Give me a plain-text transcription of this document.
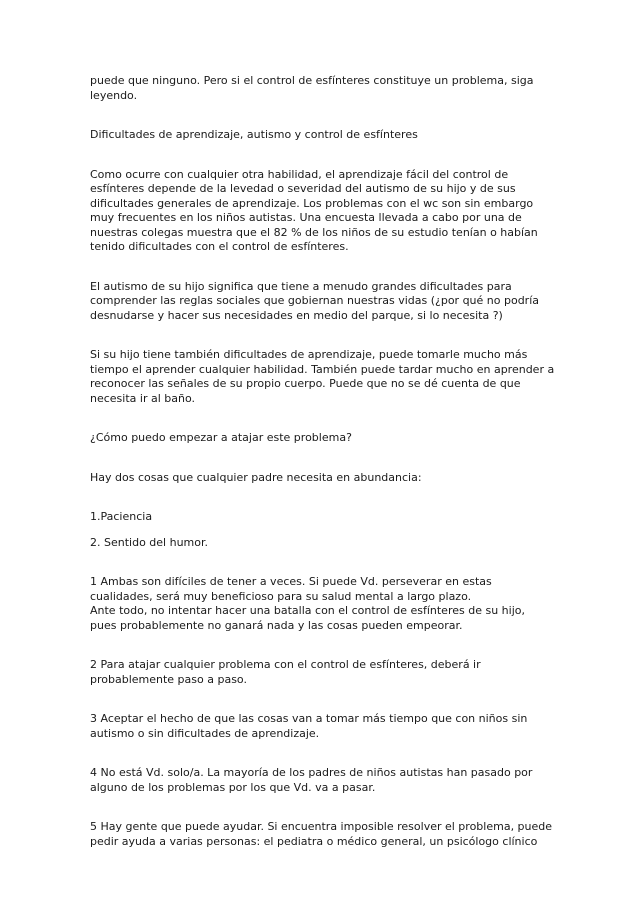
puede que ninguno. Pero si el control de esfínteres constituye un problema, siga
leyendo.

Dificultades de aprendizaje, autismo y control de esfínteres

Como ocurre con cualquier otra habilidad, el aprendizaje fácil del control de
esfínteres depende de la levedad o severidad del autismo de su hijo y de sus
dificultades generales de aprendizaje. Los problemas con el wc son sin embargo
muy frecuentes en los niños autistas. Una encuesta llevada a cabo por una de
nuestras colegas muestra que el 82 % de los niños de su estudio tenían o habían
tenido dificultades con el control de esfínteres.

El autismo de su hijo significa que tiene a menudo grandes dificultades para
comprender las reglas sociales que gobiernan nuestras vidas (¿por qué no podría
desnudarse y hacer sus necesidades en medio del parque, si lo necesita ?)

Si su hijo tiene también dificultades de aprendizaje, puede tomarle mucho más
tiempo el aprender cualquier habilidad. También puede tardar mucho en aprender a
reconocer las señales de su propio cuerpo. Puede que no se dé cuenta de que
necesita ir al baño.

¿Cómo puedo empezar a atajar este problema?

Hay dos cosas que cualquier padre necesita en abundancia:

1.Paciencia

2. Sentido del humor.

1 Ambas son difíciles de tener a veces. Si puede Vd. perseverar en estas
cualidades, será muy beneficioso para su salud mental a largo plazo.
Ante todo, no intentar hacer una batalla con el control de esfínteres de su hijo,
pues probablemente no ganará nada y las cosas pueden empeorar.

2 Para atajar cualquier problema con el control de esfínteres, deberá ir
probablemente paso a paso.

3 Aceptar el hecho de que las cosas van a tomar más tiempo que con niños sin
autismo o sin dificultades de aprendizaje.

4 No está Vd. solo/a. La mayoría de los padres de niños autistas han pasado por
alguno de los problemas por los que Vd. va a pasar.

5 Hay gente que puede ayudar. Si encuentra imposible resolver el problema, puede
pedir ayuda a varias personas: el pediatra o médico general, un psicólogo clínico
